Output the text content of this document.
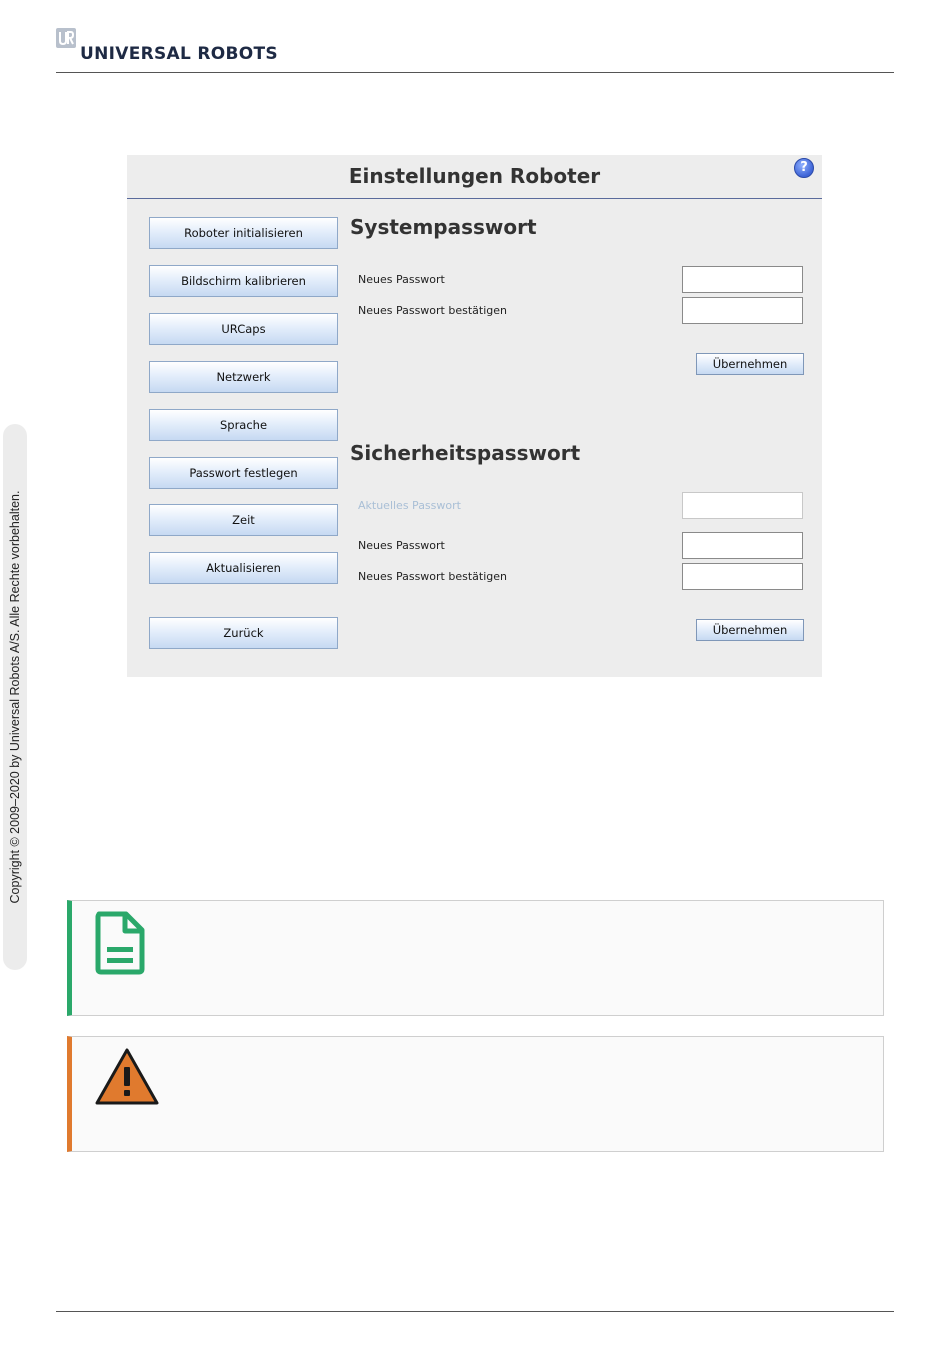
UNIVERSAL ROBOTS
Copyright © 2009–2020 by Universal Robots A/S. Alle Rechte vorbehalten.
Einstellungen Roboter	?
Roboter initialisieren
Bildschirm kalibrieren
URCaps
Netzwerk
Sprache
Passwort festlegen
Zeit
Aktualisieren
Zurück
Systempasswort
Neues Passwort
Neues Passwort bestätigen
Übernehmen
Sicherheitspasswort
Aktuelles Passwort
Neues Passwort
Neues Passwort bestätigen
Übernehmen
